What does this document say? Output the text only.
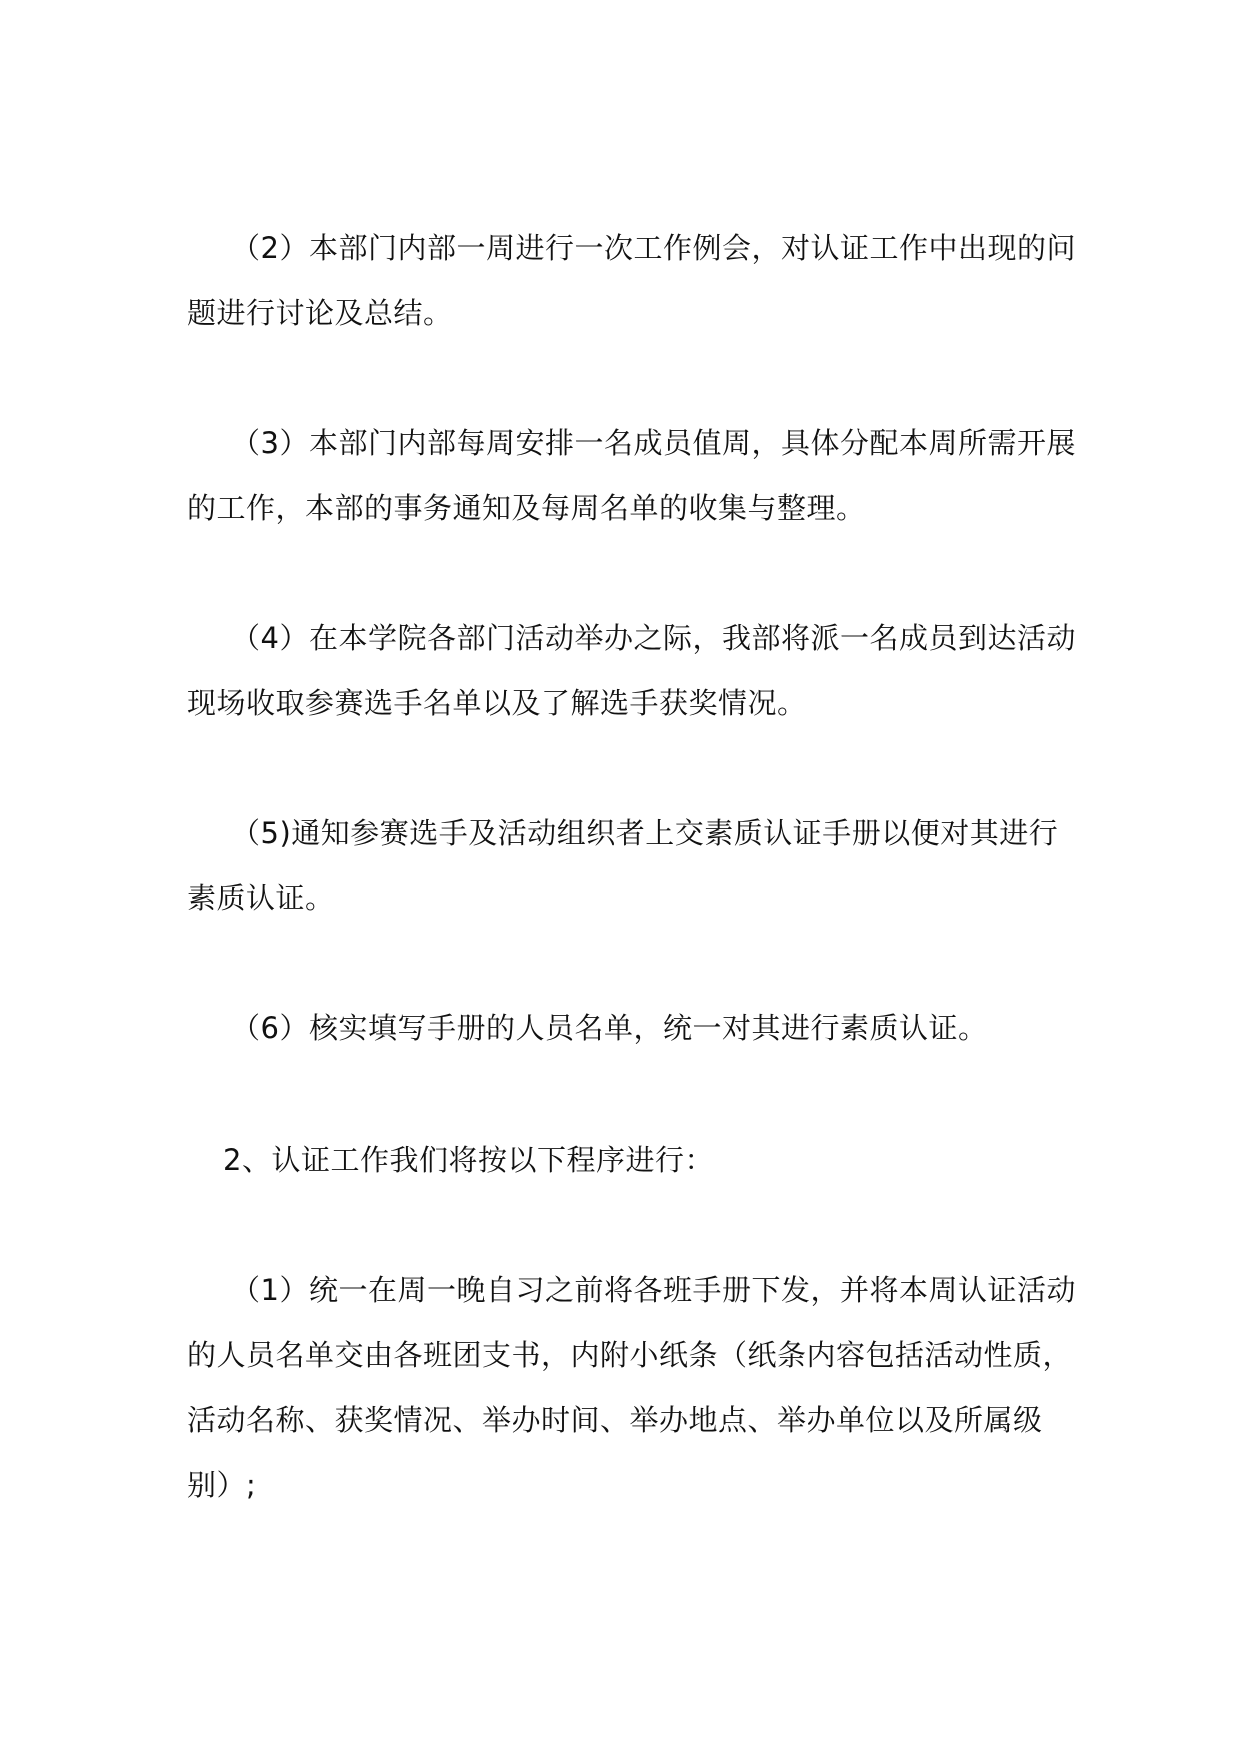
（2）本部门内部一周进行一次工作例会，对认证工作中出现的问题进行讨论及总结。

（3）本部门内部每周安排一名成员值周，具体分配本周所需开展的工作，本部的事务通知及每周名单的收集与整理。

（4）在本学院各部门活动举办之际，我部将派一名成员到达活动现场收取参赛选手名单以及了解选手获奖情况。

（5)通知参赛选手及活动组织者上交素质认证手册以便对其进行素质认证。

（6）核实填写手册的人员名单，统一对其进行素质认证。

2、认证工作我们将按以下程序进行：

（1）统一在周一晚自习之前将各班手册下发，并将本周认证活动的人员名单交由各班团支书，内附小纸条（纸条内容包括活动性质，活动名称、获奖情况、举办时间、举办地点、举办单位以及所属级别）;
